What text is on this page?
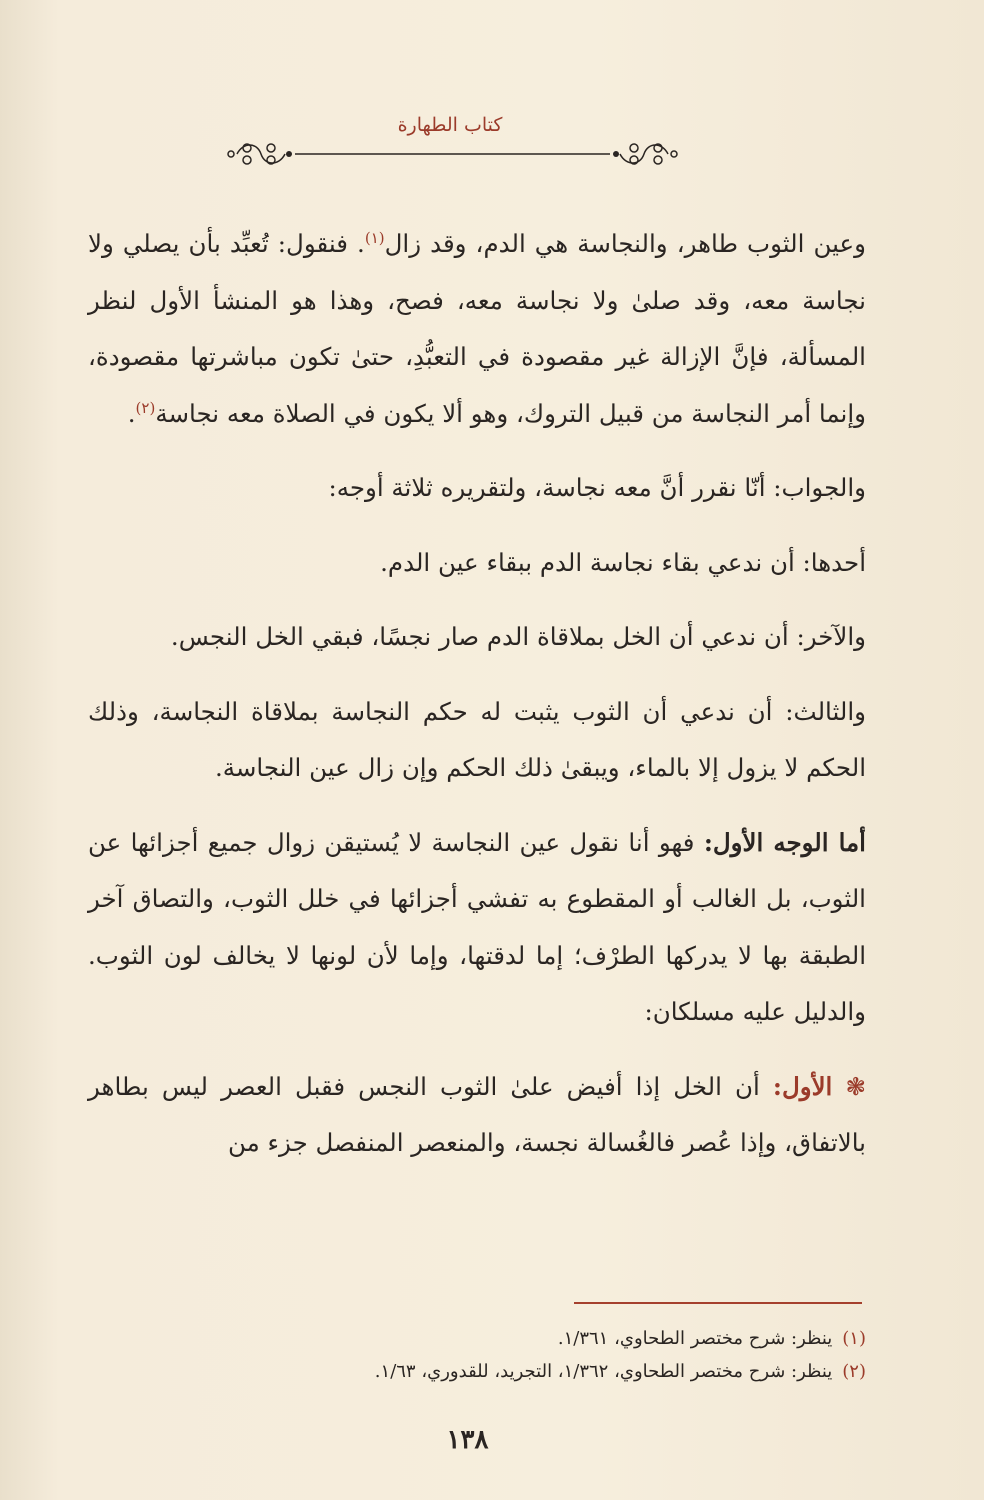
كتاب الطهارة

وعين الثوب طاهر، والنجاسة هي الدم، وقد زال$^{(١)}$. فنقول: تُعبِّد بأن يصلي ولا نجاسة معه، وقد صلىٰ ولا نجاسة معه، فصح، وهذا هو المنشأ الأول لنظر المسألة، فإنَّ الإزالة غير مقصودة في التعبُّدِ، حتىٰ تكون مباشرتها مقصودة، وإنما أمر النجاسة من قبيل التروك، وهو ألا يكون في الصلاة معه نجاسة$^{(٢)}$.

والجواب: أنّا نقرر أنَّ معه نجاسة، ولتقريره ثلاثة أوجه:

أحدها: أن ندعي بقاء نجاسة الدم ببقاء عين الدم.

والآخر: أن ندعي أن الخل بملاقاة الدم صار نجسًا، فبقي الخل النجس.

والثالث: أن ندعي أن الثوب يثبت له حكم النجاسة بملاقاة النجاسة، وذلك الحكم لا يزول إلا بالماء، ويبقىٰ ذلك الحكم وإن زال عين النجاسة.

أما الوجه الأول: فهو أنا نقول عين النجاسة لا يُستيقن زوال جميع أجزائها عن الثوب، بل الغالب أو المقطوع به تفشي أجزائها في خلل الثوب، والتصاق آخر الطبقة بها لا يدركها الطرْف؛ إما لدقتها، وإما لأن لونها لا يخالف لون الثوب. والدليل عليه مسلكان:

❃ الأول: أن الخل إذا أفيض علىٰ الثوب النجس فقبل العصر ليس بطاهر بالاتفاق، وإذا عُصر فالغُسالة نجسة، والمنعصر المنفصل جزء من

(١)ينظر: شرح مختصر الطحاوي، ١/٣٦١.
(٢)ينظر: شرح مختصر الطحاوي، ١/٣٦٢، التجريد، للقدوري، ١/٦٣.
١٣٨
